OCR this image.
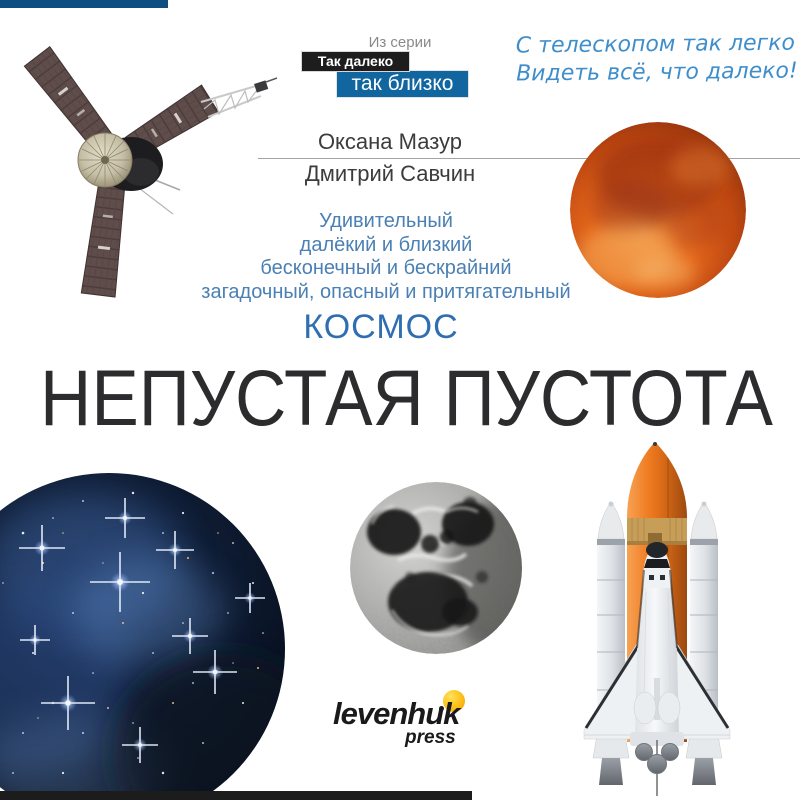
Из серии
Так далеко
так близко
С телескопом так легко
Видеть всё, что далеко!
Оксана Мазур
Дмитрий Савчин
Удивительный
далёкий и близкий
бесконечный и бескрайний
загадочный, опасный и притягательный
КОСМОС
НЕПУСТАЯ ПУСТОТА
levenhuk
press
